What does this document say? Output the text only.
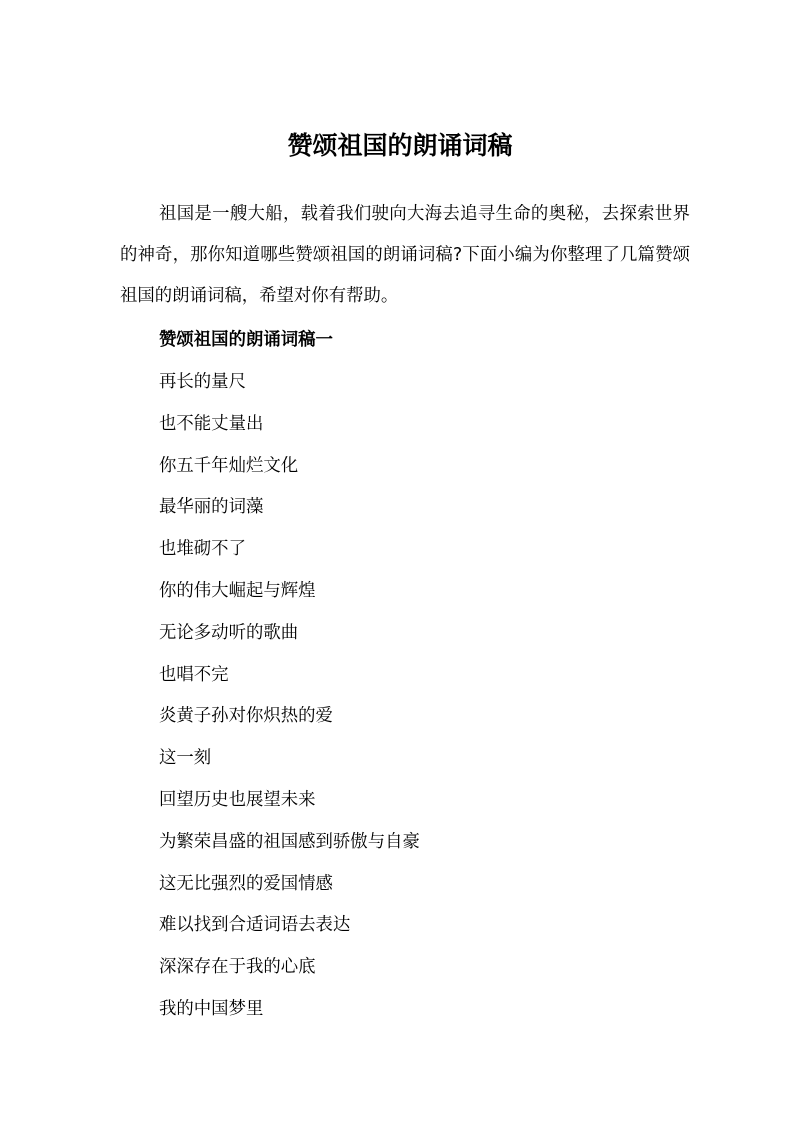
赞颂祖国的朗诵词稿

祖国是一艘大船，载着我们驶向大海去追寻生命的奥秘，去探索世界的神奇，那你知道哪些赞颂祖国的朗诵词稿?下面小编为你整理了几篇赞颂祖国的朗诵词稿，希望对你有帮助。

赞颂祖国的朗诵词稿一
再长的量尺
也不能丈量出
你五千年灿烂文化
最华丽的词藻
也堆砌不了
你的伟大崛起与辉煌
无论多动听的歌曲
也唱不完
炎黄子孙对你炽热的爱
这一刻
回望历史也展望未来
为繁荣昌盛的祖国感到骄傲与自豪
这无比强烈的爱国情感
难以找到合适词语去表达
深深存在于我的心底
我的中国梦里
